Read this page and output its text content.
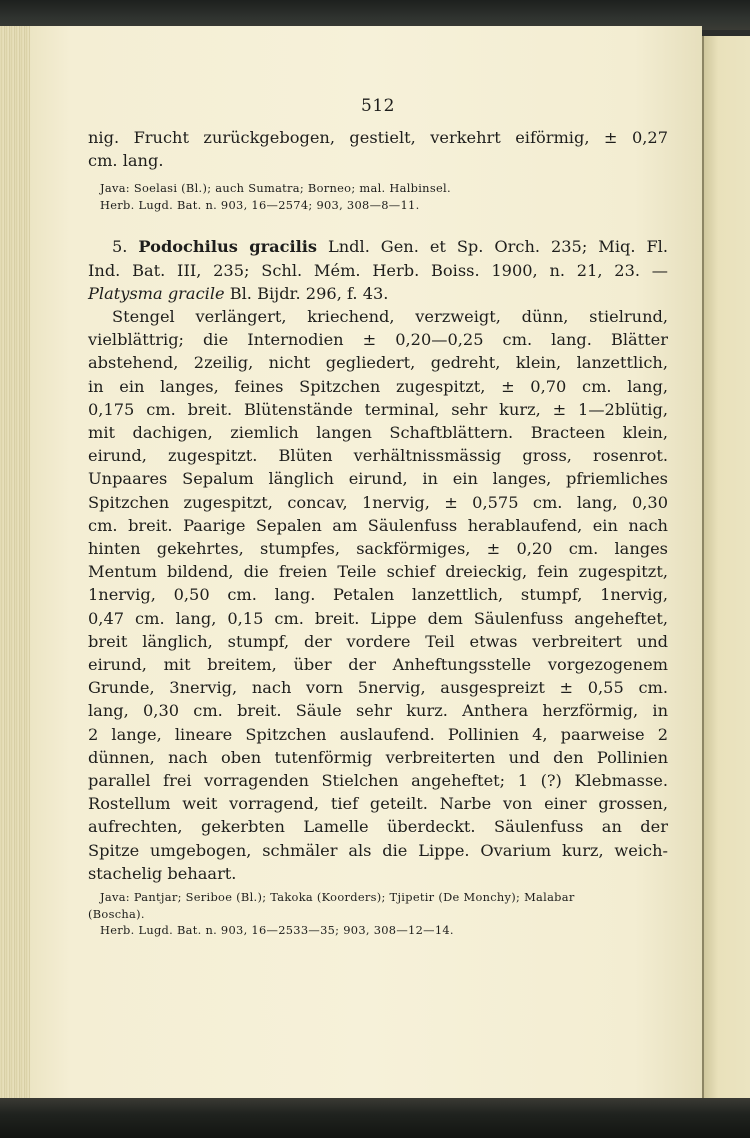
512
nig. Frucht zurückgebogen, gestielt, verkehrt eiförmig, ± 0,27
cm. lang.
Java: Soelasi (Bl.); auch Sumatra; Borneo; mal. Halbinsel.
Herb. Lugd. Bat. n. 903, 16—2574; 903, 308—8—11.
5. Podochilus gracilis Lndl. Gen. et Sp. Orch. 235; Miq. Fl.
Ind. Bat. III, 235; Schl. Mém. Herb. Boiss. 1900, n. 21, 23. —
Platysma gracile Bl. Bijdr. 296, f. 43.
Stengel verlängert, kriechend, verzweigt, dünn, stielrund,
vielblättrig; die Internodien ± 0,20—0,25 cm. lang. Blätter
abstehend, 2zeilig, nicht gegliedert, gedreht, klein, lanzettlich,
in ein langes, feines Spitzchen zugespitzt, ± 0,70 cm. lang,
0,175 cm. breit. Blütenstände terminal, sehr kurz, ± 1—2blütig,
mit dachigen, ziemlich langen Schaftblättern. Bracteen klein,
eirund, zugespitzt. Blüten verhältnissmässig gross, rosenrot.
Unpaares Sepalum länglich eirund, in ein langes, pfriemliches
Spitzchen zugespitzt, concav, 1nervig, ± 0,575 cm. lang, 0,30
cm. breit. Paarige Sepalen am Säulenfuss herablaufend, ein nach
hinten gekehrtes, stumpfes, sackförmiges, ± 0,20 cm. langes
Mentum bildend, die freien Teile schief dreieckig, fein zugespitzt,
1nervig, 0,50 cm. lang. Petalen lanzettlich, stumpf, 1nervig,
0,47 cm. lang, 0,15 cm. breit. Lippe dem Säulenfuss angeheftet,
breit länglich, stumpf, der vordere Teil etwas verbreitert und
eirund, mit breitem, über der Anheftungsstelle vorgezogenem
Grunde, 3nervig, nach vorn 5nervig, ausgespreizt ± 0,55 cm.
lang, 0,30 cm. breit. Säule sehr kurz. Anthera herzförmig, in
2 lange, lineare Spitzchen auslaufend. Pollinien 4, paarweise 2
dünnen, nach oben tutenförmig verbreiterten und den Pollinien
parallel frei vorragenden Stielchen angeheftet; 1 (?) Klebmasse.
Rostellum weit vorragend, tief geteilt. Narbe von einer grossen,
aufrechten, gekerbten Lamelle überdeckt. Säulenfuss an der
Spitze umgebogen, schmäler als die Lippe. Ovarium kurz, weich-
stachelig behaart.
Java: Pantjar; Seriboe (Bl.); Takoka (Koorders); Tjipetir (De Monchy); Malabar
(Boscha).
Herb. Lugd. Bat. n. 903, 16—2533—35; 903, 308—12—14.
